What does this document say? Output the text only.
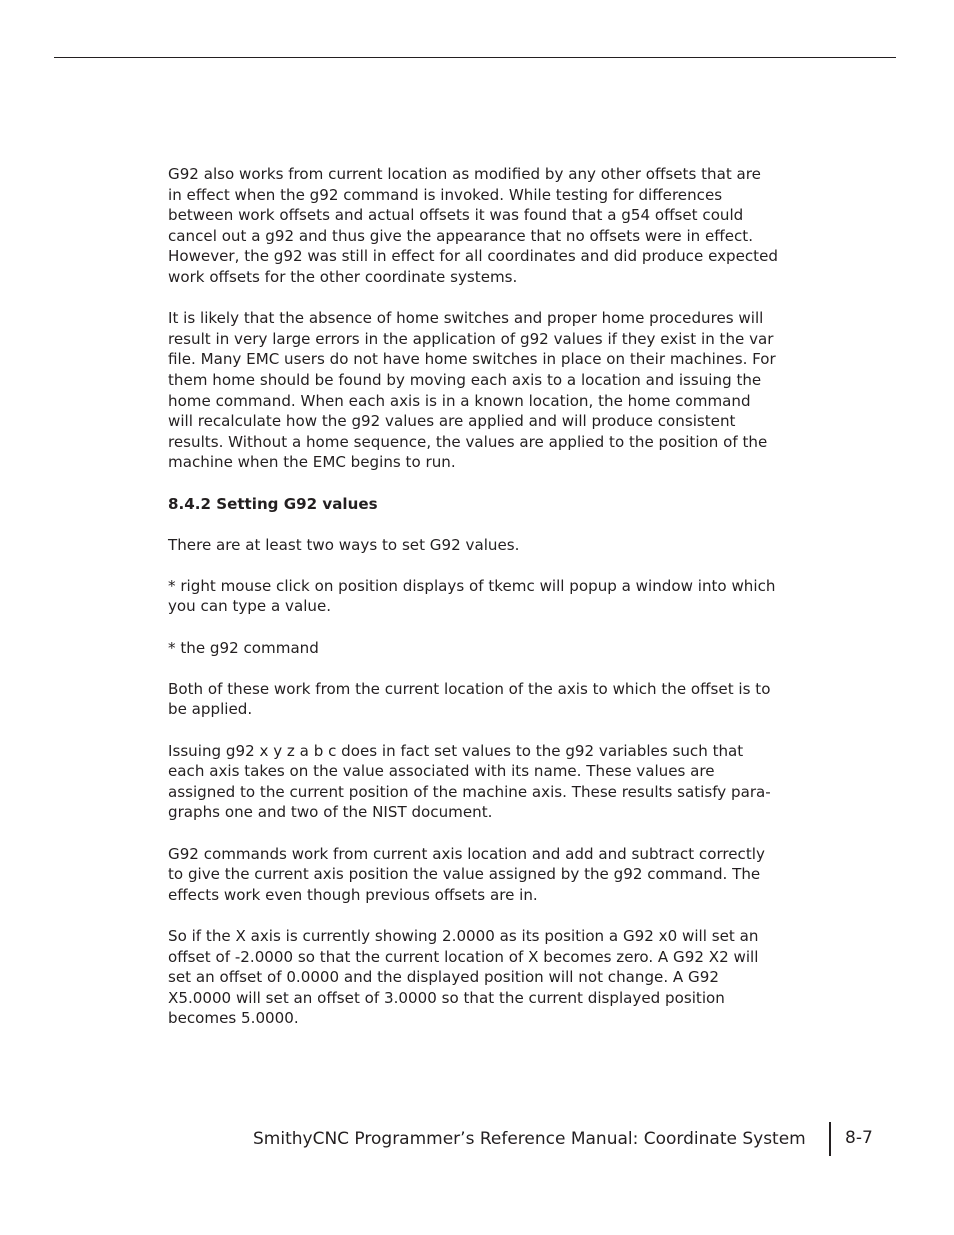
G92 also works from current location as modified by any other offsets that are
in effect when the g92 command is invoked. While testing for differences
between work offsets and actual offsets it was found that a g54 offset could
cancel out a g92 and thus give the appearance that no offsets were in effect.
However, the g92 was still in effect for all coordinates and did produce expected
work offsets for the other coordinate systems.

It is likely that the absence of home switches and proper home procedures will
result in very large errors in the application of g92 values if they exist in the var
file. Many EMC users do not have home switches in place on their machines. For
them home should be found by moving each axis to a location and issuing the
home command. When each axis is in a known location, the home command
will recalculate how the g92 values are applied and will produce consistent
results. Without a home sequence, the values are applied to the position of the
machine when the EMC begins to run.

8.4.2 Setting G92 values

There are at least two ways to set G92 values.

* right mouse click on position displays of tkemc will popup a window into which
you can type a value.

* the g92 command

Both of these work from the current location of the axis to which the offset is to
be applied.

Issuing g92 x y z a b c does in fact set values to the g92 variables such that
each axis takes on the value associated with its name. These values are
assigned to the current position of the machine axis. These results satisfy para-
graphs one and two of the NIST document.

G92 commands work from current axis location and add and subtract correctly
to give the current axis position the value assigned by the g92 command. The
effects work even though previous offsets are in.

So if the X axis is currently showing 2.0000 as its position a G92 x0 will set an
offset of -2.0000 so that the current location of X becomes zero. A G92 X2 will
set an offset of 0.0000 and the displayed position will not change. A G92
X5.0000 will set an offset of 3.0000 so that the current displayed position
becomes 5.0000.

SmithyCNC Programmer’s Reference Manual: Coordinate System 8-7
